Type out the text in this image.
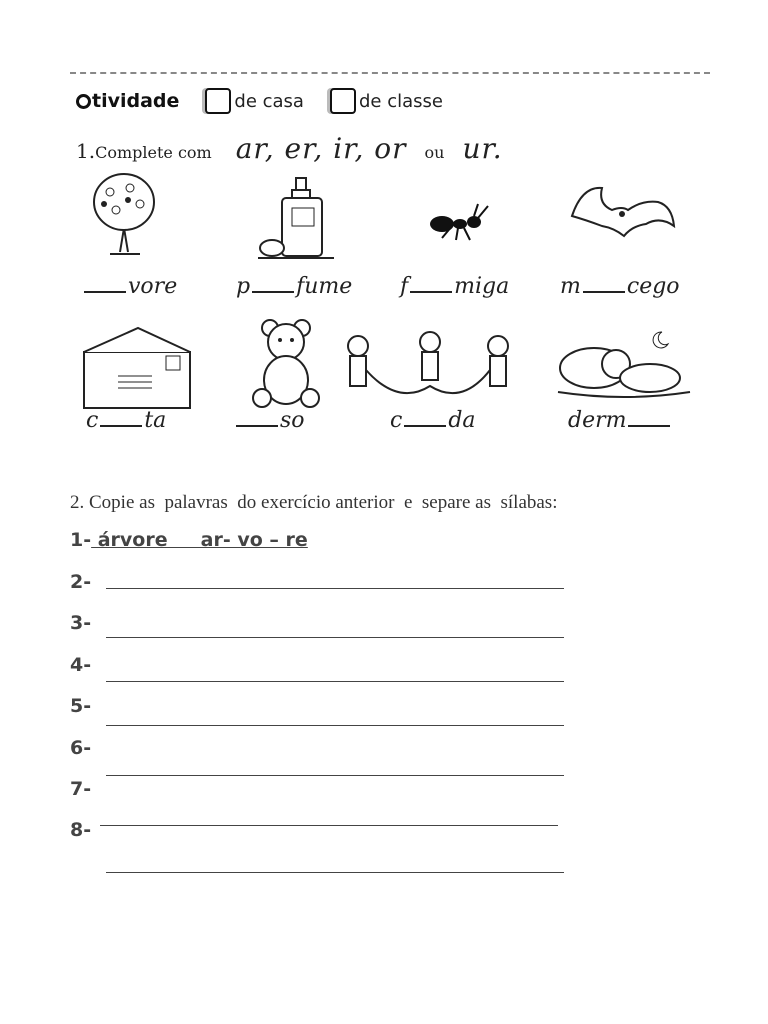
tividade	de casa	de classe
1. Complete com ar, er, ir, or ou ur.
vore	p fume f miga m cego
c ta	so	c da	derm
2. Copie as  palavras  do exercício anterior  e  separe as  sílabas:
1- árvore     ar- vo – re
2-
3-
4-
5-
6-
7-
8-
